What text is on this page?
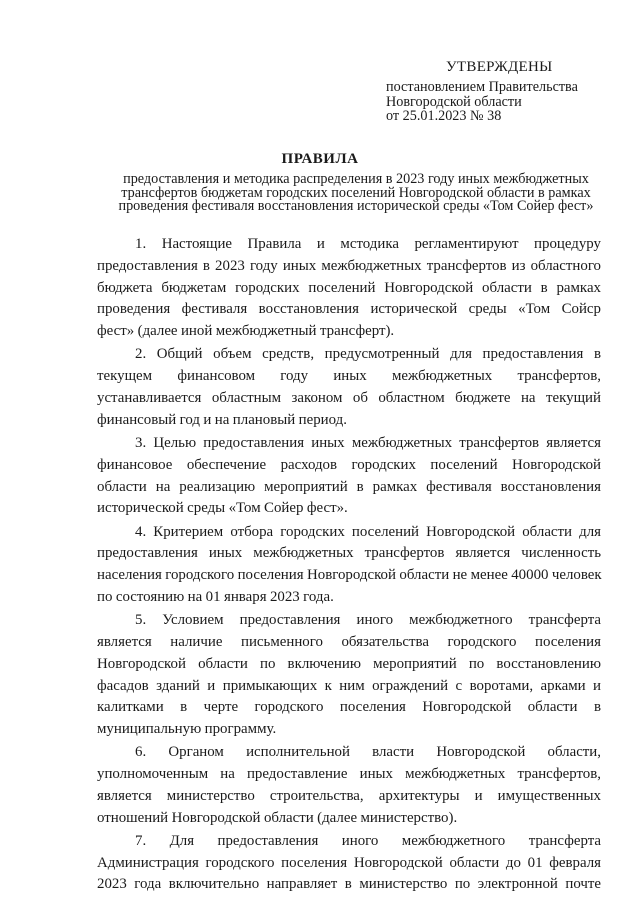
УТВЕРЖДЕНЫ
постановлением Правительства
Новгородской области
от 25.01.2023 № 38
ПРАВИЛА
предоставления и методика распределения в 2023 году иных межбюджетных
трансфертов бюджетам городских поселений Новгородской области в рамках
проведения фестиваля восстановления исторической среды «Том Сойер фест»
1. Настоящие Правила и мстодика регламентируют процедуру
предоставления в 2023 году иных межбюджетных трансфертов из областного
бюджета бюджетам городских поселений Новгородской области в рамках
проведения фестиваля восстановления исторической среды «Том Сойср
фест» (далее иной межбюджетный трансферт).
2. Общий объем средств, предусмотренный для предоставления в
текущем финансовом году иных межбюджетных трансфертов,
устанавливается областным законом об областном бюджете на текущий
финансовый год и на плановый период.
3. Целью предоставления иных межбюджетных трансфертов является
финансовое обеспечение расходов городских поселений Новгородской
области на реализацию мероприятий в рамках фестиваля восстановления
исторической среды «Том Сойер фест».
4. Критерием отбора городских поселений Новгородской области для
предоставления иных межбюджетных трансфертов является численность
населения городского поселения Новгородской области не менее 40000 человек
по состоянию на 01 января 2023 года.
5. Условием предоставления иного межбюджетного трансферта
является наличие письменного обязательства городского поселения
Новгородской области по включению мероприятий по восстановлению
фасадов зданий и примыкающих к ним ограждений с воротами, арками и
калитками в черте городского поселения Новгородской области в
муниципальную программу.
6. Органом исполнительной власти Новгородской области,
уполномоченным на предоставление иных межбюджетных трансфертов,
является министерство строительства, архитектуры и имущественных
отношений Новгородской области (далее министерство).
7. Для предоставления иного межбюджетного трансферта
Администрация городского поселения Новгородской области до 01 февраля
2023 года включительно направляет в министерство по электронной почте
